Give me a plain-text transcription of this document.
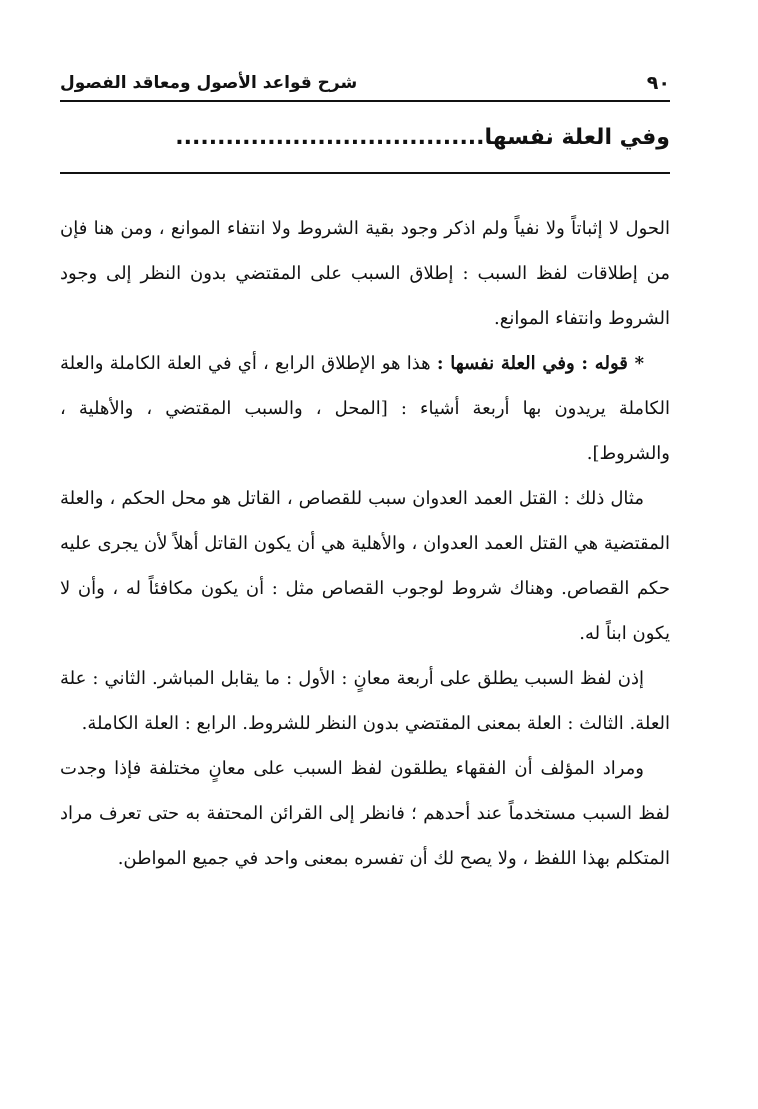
٩٠
شرح قواعد الأصول ومعاقد الفصول
وفي العلة نفسها.....................................

الحول لا إثباتاً ولا نفياً ولم اذكر وجود بقية الشروط ولا انتفاء الموانع ، ومن هنا فإن من إطلاقات لفظ السبب : إطلاق السبب على المقتضي بدون النظر إلى وجود الشروط وانتفاء الموانع.

* قوله : وفي العلة نفسها : هذا هو الإطلاق الرابع ، أي في العلة الكاملة والعلة الكاملة يريدون بها أربعة أشياء : [المحل ، والسبب المقتضي ، والأهلية ، والشروط].

مثال ذلك : القتل العمد العدوان سبب للقصاص ، القاتل هو محل الحكم ، والعلة المقتضية هي القتل العمد العدوان ، والأهلية هي أن يكون القاتل أهلاً لأن يجرى عليه حكم القصاص. وهناك شروط لوجوب القصاص مثل : أن يكون مكافئاً له ، وأن لا يكون ابناً له.

إذن لفظ السبب يطلق على أربعة معانٍ : الأول : ما يقابل المباشر. الثاني : علة العلة. الثالث : العلة بمعنى المقتضي بدون النظر للشروط. الرابع : العلة الكاملة.

ومراد المؤلف أن الفقهاء يطلقون لفظ السبب على معانٍ مختلفة فإذا وجدت لفظ السبب مستخدماً عند أحدهم ؛ فانظر إلى القرائن المحتفة به حتى تعرف مراد المتكلم بهذا اللفظ ، ولا يصح لك أن تفسره بمعنى واحد في جميع المواطن.
